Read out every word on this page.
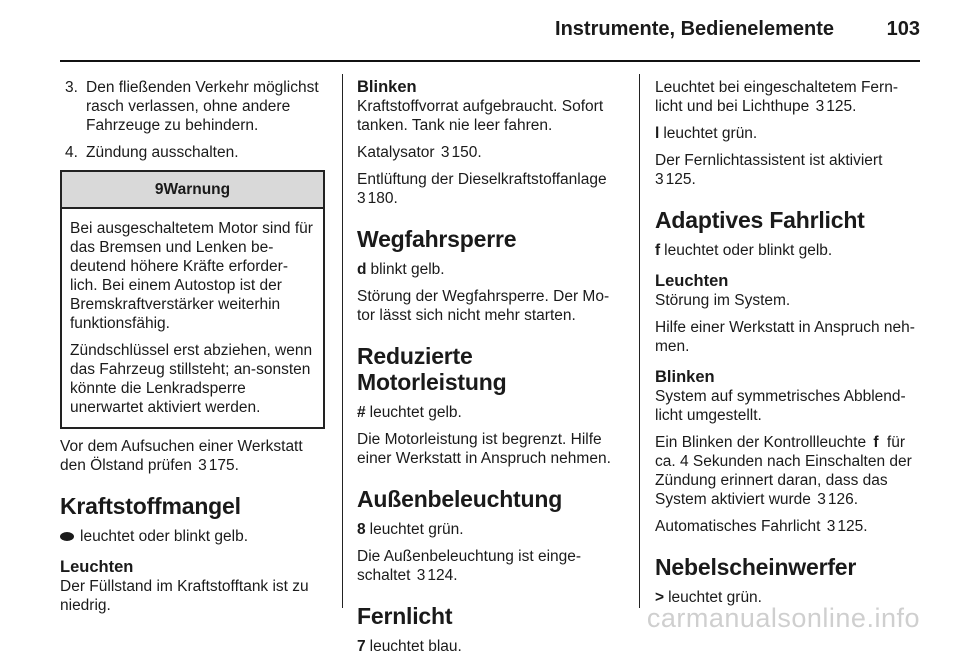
Instrumente, Bedienelemente	103
3. Den fließenden Verkehr möglichst rasch verlassen, ohne andere Fahrzeuge zu behindern.
4. Zündung ausschalten.
9Warnung

Bei ausgeschaltetem Motor sind für das Bremsen und Lenken be-deutend höhere Kräfte erforder-lich. Bei einem Autostop ist der Bremskraftverstärker weiterhin funktionsfähig.

Zündschlüssel erst abziehen, wenn das Fahrzeug stillsteht; an-sonsten könnte die Lenkradsperre unerwartet aktiviert werden.

Vor dem Aufsuchen einer Werkstatt den Ölstand prüfen 3 175.

Kraftstoffmangel

leuchtet oder blinkt gelb.

Leuchten

Der Füllstand im Kraftstofftank ist zu niedrig.

Blinken

Kraftstoffvorrat aufgebraucht. Sofort tanken. Tank nie leer fahren.

Katalysator 3 150.

Entlüftung der Dieselkraftstoffanlage
3 180.

Wegfahrsperre

d blinkt gelb.

Störung der Wegfahrsperre. Der Mo-tor lässt sich nicht mehr starten.

Reduzierte Motorleistung

# leuchtet gelb.

Die Motorleistung ist begrenzt. Hilfe einer Werkstatt in Anspruch nehmen.

Außenbeleuchtung

8 leuchtet grün.

Die Außenbeleuchtung ist einge-schaltet 3 124.

Fernlicht

7 leuchtet blau.

Leuchtet bei eingeschaltetem Fern-licht und bei Lichthupe 3 125.

l leuchtet grün.

Der Fernlichtassistent ist aktiviert
3 125.

Adaptives Fahrlicht

f leuchtet oder blinkt gelb.

Leuchten

Störung im System.

Hilfe einer Werkstatt in Anspruch neh-men.

Blinken

System auf symmetrisches Abblend-licht umgestellt.

Ein Blinken der Kontrollleuchte f für ca. 4 Sekunden nach Einschalten der Zündung erinnert daran, dass das System aktiviert wurde 3 126.

Automatisches Fahrlicht 3 125.

Nebelscheinwerfer

> leuchtet grün.

carmanualsonline.info
